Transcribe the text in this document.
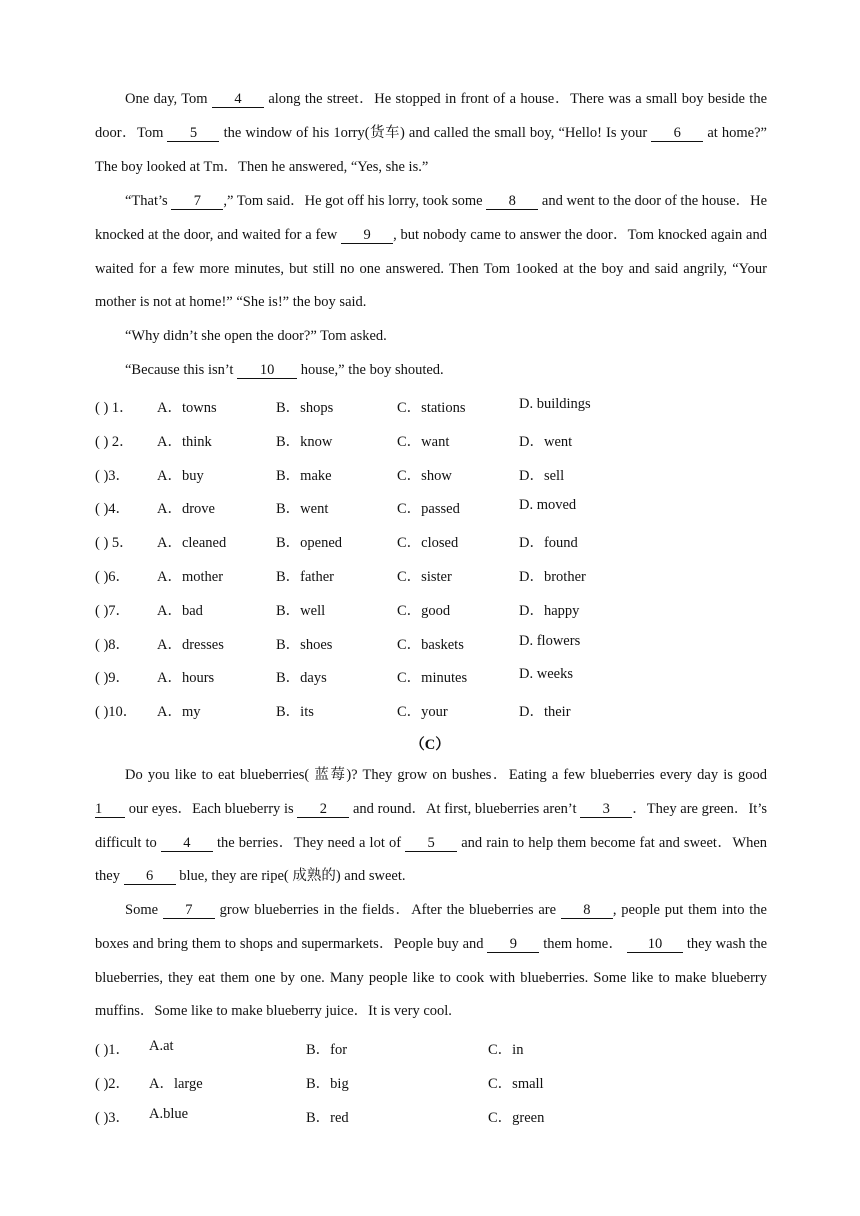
One day, Tom 4 along the street．He stopped in front of a house．There was a small boy beside the door．Tom 5 the window of his 1orry(货车) and called the small boy, “Hello! Is your 6 at home?” The boy looked at Tm．Then he answered, “Yes, she is.”

“That’s 7 ,” Tom said．He got off his lorry, took some 8 and went to the door of the house．He knocked at the door, and waited for a few 9 , but nobody came to answer the door．Tom knocked again and waited for a few more minutes, but still no one answered. Then Tom 1ooked at the boy and said angrily, “Your mother is not at home!” “She is!” the boy said.

“Why didn’t she open the door?” Tom asked.

“Because this isn’t 10 house,” the boy shouted.

( ) 1． A．towns	B．shops	C．stations	D. buildings
( ) 2． A．think	B．know	C．want	D．went
( )3． A．buy	B．make	C．show	D．sell
( )4． A．drove	B．went	C．passed	D. moved
( ) 5． A．cleaned	B．opened	C．closed	D．found
( )6． A．mother	B．father	C．sister	D．brother
( )7． A．bad	B．well	C．good	D．happy
( )8． A．dresses	B．shoes	C．baskets	D. flowers
( )9． A．hours	B．days	C．minutes	D. weeks
( )10． A．my	B．its	C．your	D．their
（C）

Do you like to eat blueberries( 蓝莓)? They grow on bushes．Eating a few blueberries every day is good 1 our eyes．Each blueberry is 2 and round．At first, blueberries aren’t 3 ．They are green．It’s difficult to 4 the berries．They need a lot of 5 and rain to help them become fat and sweet．When they 6 blue, they are ripe( 成熟的) and sweet.

Some 7 grow blueberries in the fields．After the blueberries are 8 , people put them into the boxes and bring them to shops and supermarkets．People buy and 9 them home． 10 they wash the blueberries, they eat them one by one. Many people like to cook with blueberries. Some like to make blueberry muffins．Some like to make blueberry juice．It is very cool.

( )1． A.at	B．for	C．in
( )2． A．large	B．big	C．small
( )3． A.blue	B．red	C．green
